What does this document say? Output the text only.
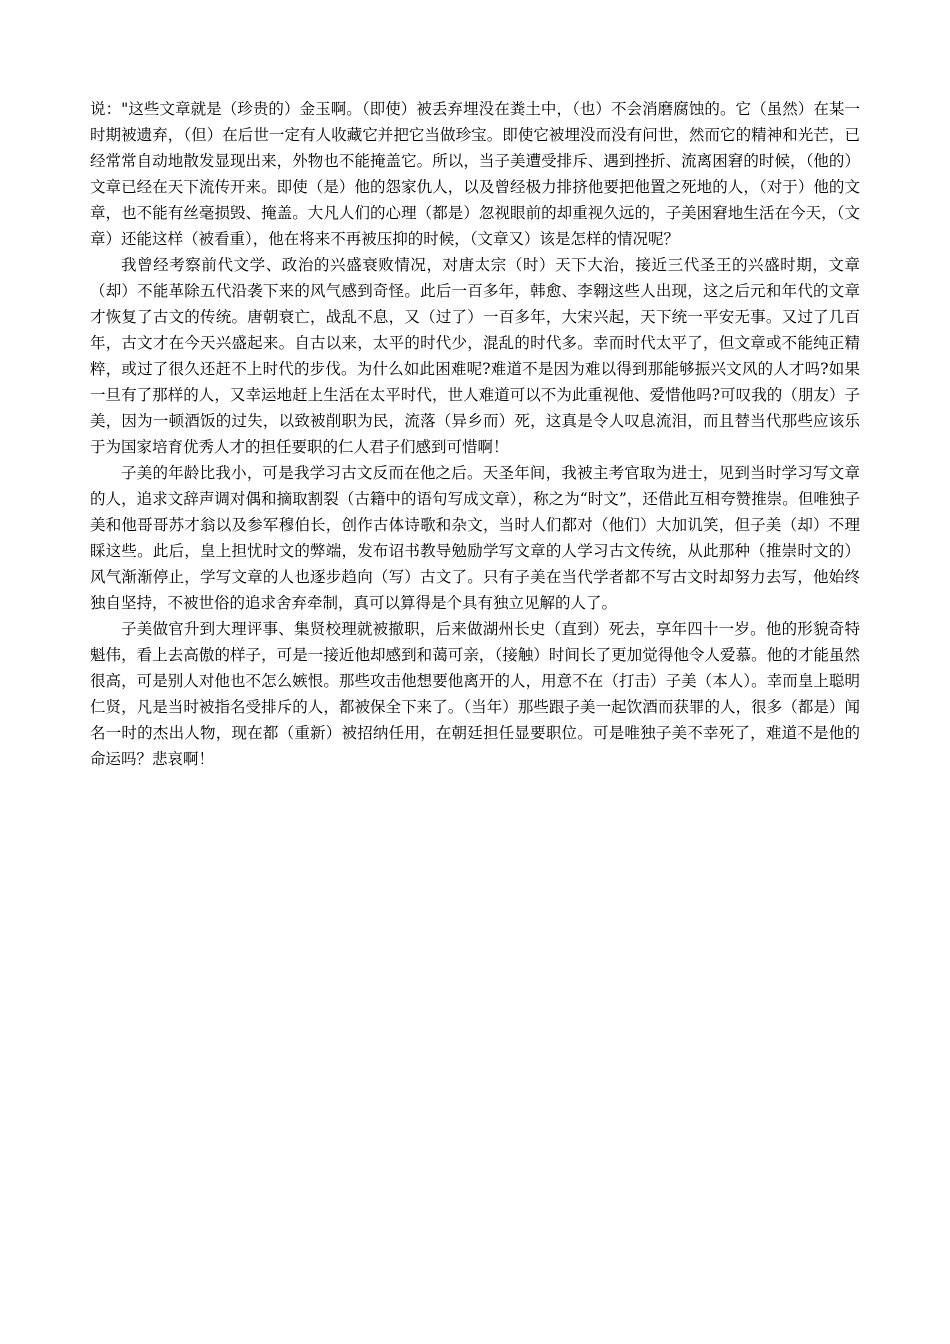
说："这些文章就是（珍贵的）金玉啊。（即使）被丢弃埋没在粪土中，（也）不会消磨腐蚀的。它（虽然）在某一时期被遗弃，（但）在后世一定有人收藏它并把它当做珍宝。即使它被埋没而没有问世，然而它的精神和光芒，已经常常自动地散发显现出来，外物也不能掩盖它。所以，当子美遭受排斥、遇到挫折、流离困窘的时候，（他的）文章已经在天下流传开来。即使（是）他的怨家仇人，以及曾经极力排挤他要把他置之死地的人，（对于）他的文章，也不能有丝毫损毁、掩盖。大凡人们的心理（都是）忽视眼前的却重视久远的，子美困窘地生活在今天，（文章）还能这样（被看重），他在将来不再被压抑的时候，（文章又）该是怎样的情况呢？

我曾经考察前代文学、政治的兴盛衰败情况，对唐太宗（时）天下大治，接近三代圣王的兴盛时期，文章（却）不能革除五代沿袭下来的风气感到奇怪。此后一百多年，韩愈、李翱这些人出现，这之后元和年代的文章才恢复了古文的传统。唐朝衰亡，战乱不息，又（过了）一百多年，大宋兴起，天下统一平安无事。又过了几百年，古文才在今天兴盛起来。自古以来，太平的时代少，混乱的时代多。幸而时代太平了，但文章或不能纯正精粹，或过了很久还赶不上时代的步伐。为什么如此困难呢?难道不是因为难以得到那能够振兴文风的人才吗?如果一旦有了那样的人，又幸运地赶上生活在太平时代，世人难道可以不为此重视他、爱惜他吗?可叹我的（朋友）子美，因为一顿酒饭的过失，以致被削职为民，流落（异乡而）死，这真是令人叹息流泪，而且替当代那些应该乐于为国家培育优秀人才的担任要职的仁人君子们感到可惜啊！

子美的年龄比我小，可是我学习古文反而在他之后。天圣年间，我被主考官取为进士，见到当时学习写文章的人，追求文辞声调对偶和摘取割裂（古籍中的语句写成文章），称之为“时文”，还借此互相夸赞推崇。但唯独子美和他哥哥苏才翁以及参军穆伯长，创作古体诗歌和杂文，当时人们都对（他们）大加讥笑，但子美（却）不理睬这些。此后，皇上担忧时文的弊端，发布诏书教导勉励学写文章的人学习古文传统，从此那种（推崇时文的）风气渐渐停止，学写文章的人也逐步趋向（写）古文了。只有子美在当代学者都不写古文时却努力去写，他始终独自坚持，不被世俗的追求舍弃牵制，真可以算得是个具有独立见解的人了。

子美做官升到大理评事、集贤校理就被撤职，后来做湖州长史（直到）死去，享年四十一岁。他的形貌奇特魁伟，看上去高傲的样子，可是一接近他却感到和蔼可亲，（接触）时间长了更加觉得他令人爱慕。他的才能虽然很高，可是别人对他也不怎么嫉恨。那些攻击他想要他离开的人，用意不在（打击）子美（本人）。幸而皇上聪明仁贤，凡是当时被指名受排斥的人，都被保全下来了。（当年）那些跟子美一起饮酒而获罪的人，很多（都是）闻名一时的杰出人物，现在都（重新）被招纳任用，在朝廷担任显要职位。可是唯独子美不幸死了，难道不是他的命运吗？悲哀啊！
